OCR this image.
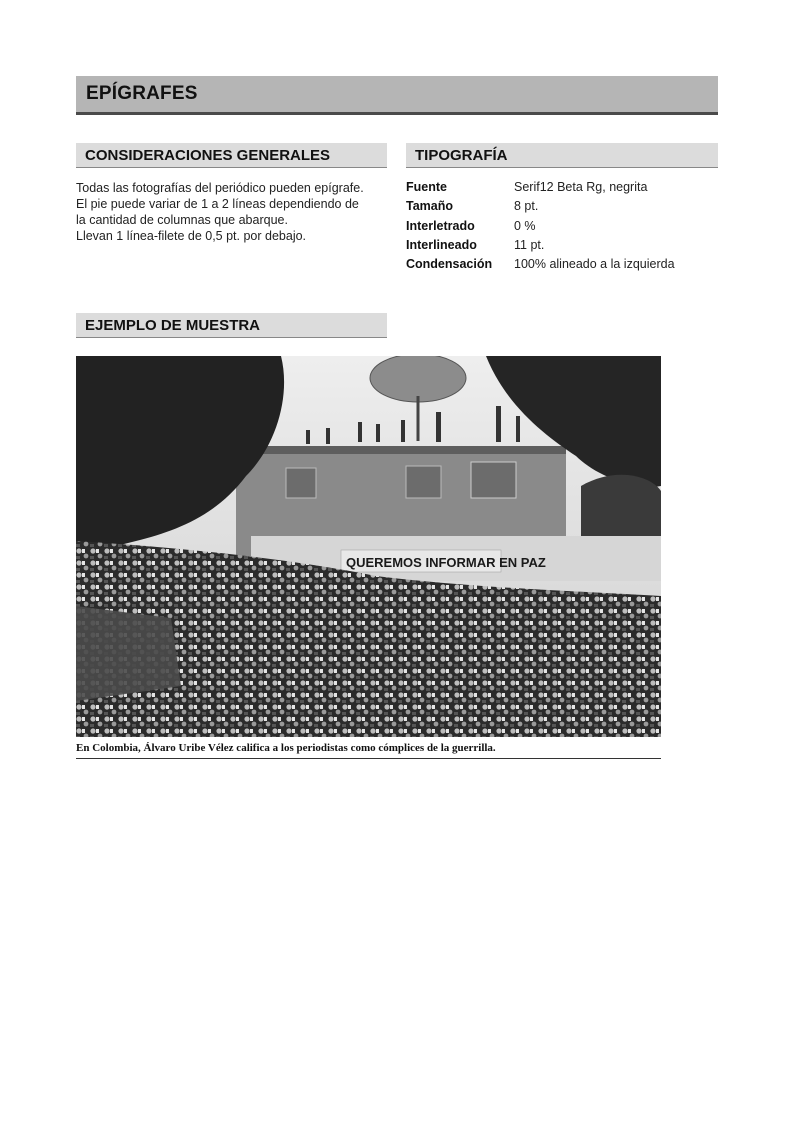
EPÍGRAFES
CONSIDERACIONES GENERALES	TIPOGRAFÍA

Todas las fotografías del periódico pueden epígrafe.

El pie puede variar de 1 a 2 líneas dependiendo de

la cantidad de columnas que abarque.

Llevan 1 línea-filete de 0,5 pt. por debajo.

Fuente	Serif12 Beta Rg, negrita
Tamaño	8 pt.
Interletrado	0 %
Interlineado	11 pt.
Condensación	100% alineado a la izquierda
EJEMPLO DE MUESTRA
QUEREMOS INFORMAR EN PAZ
En Colombia, Álvaro Uribe Vélez califica a los periodistas como cómplices de la guerrilla.
